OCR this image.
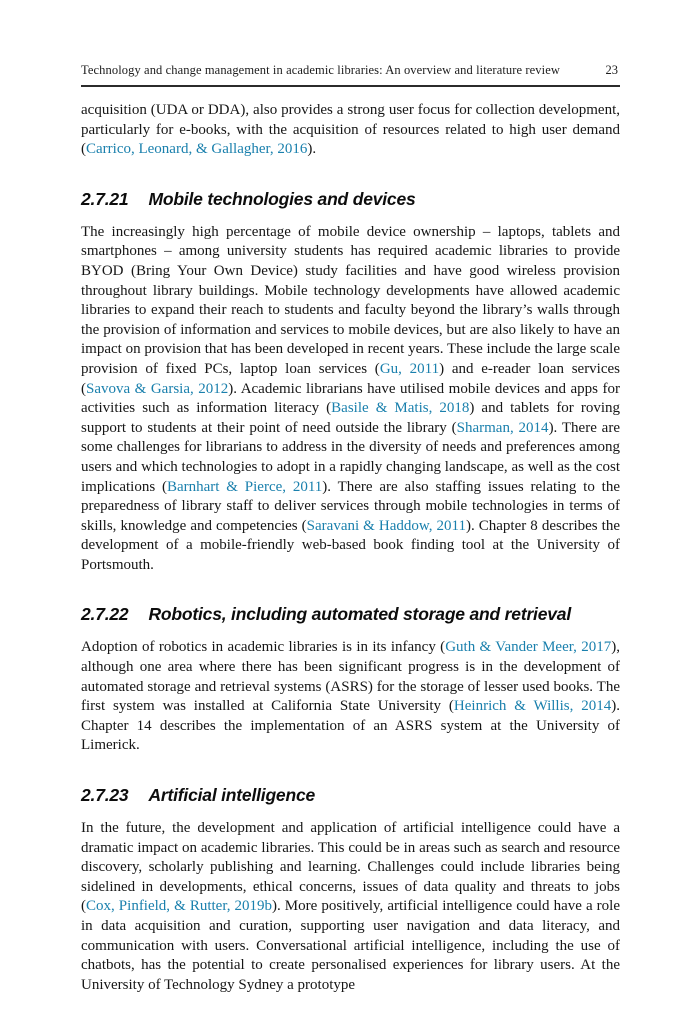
Technology and change management in academic libraries: An overview and literature review	23

acquisition (UDA or DDA), also provides a strong user focus for collection development, particularly for e-books, with the acquisition of resources related to high user demand (Carrico, Leonard, & Gallagher, 2016).

2.7.21 Mobile technologies and devices

The increasingly high percentage of mobile device ownership – laptops, tablets and smartphones – among university students has required academic libraries to provide BYOD (Bring Your Own Device) study facilities and have good wireless provision throughout library buildings. Mobile technology developments have allowed academic libraries to expand their reach to students and faculty beyond the library’s walls through the provision of information and services to mobile devices, but are also likely to have an impact on provision that has been developed in recent years. These include the large scale provision of fixed PCs, laptop loan services (Gu, 2011) and e-reader loan services (Savova & Garsia, 2012). Academic librarians have utilised mobile devices and apps for activities such as information literacy (Basile & Matis, 2018) and tablets for roving support to students at their point of need outside the library (Sharman, 2014). There are some challenges for librarians to address in the diversity of needs and preferences among users and which technologies to adopt in a rapidly changing landscape, as well as the cost implications (Barnhart & Pierce, 2011). There are also staffing issues relating to the preparedness of library staff to deliver services through mobile technologies in terms of skills, knowledge and competencies (Saravani & Haddow, 2011). Chapter 8 describes the development of a mobile-friendly web-based book finding tool at the University of Portsmouth.

2.7.22 Robotics, including automated storage and retrieval

Adoption of robotics in academic libraries is in its infancy (Guth & Vander Meer, 2017), although one area where there has been significant progress is in the development of automated storage and retrieval systems (ASRS) for the storage of lesser used books. The first system was installed at California State University (Heinrich & Willis, 2014). Chapter 14 describes the implementation of an ASRS system at the University of Limerick.

2.7.23 Artificial intelligence

In the future, the development and application of artificial intelligence could have a dramatic impact on academic libraries. This could be in areas such as search and resource discovery, scholarly publishing and learning. Challenges could include libraries being sidelined in developments, ethical concerns, issues of data quality and threats to jobs (Cox, Pinfield, & Rutter, 2019b). More positively, artificial intelligence could have a role in data acquisition and curation, supporting user navigation and data literacy, and communication with users. Conversational artificial intelligence, including the use of chatbots, has the potential to create personalised experiences for library users. At the University of Technology Sydney a prototype
